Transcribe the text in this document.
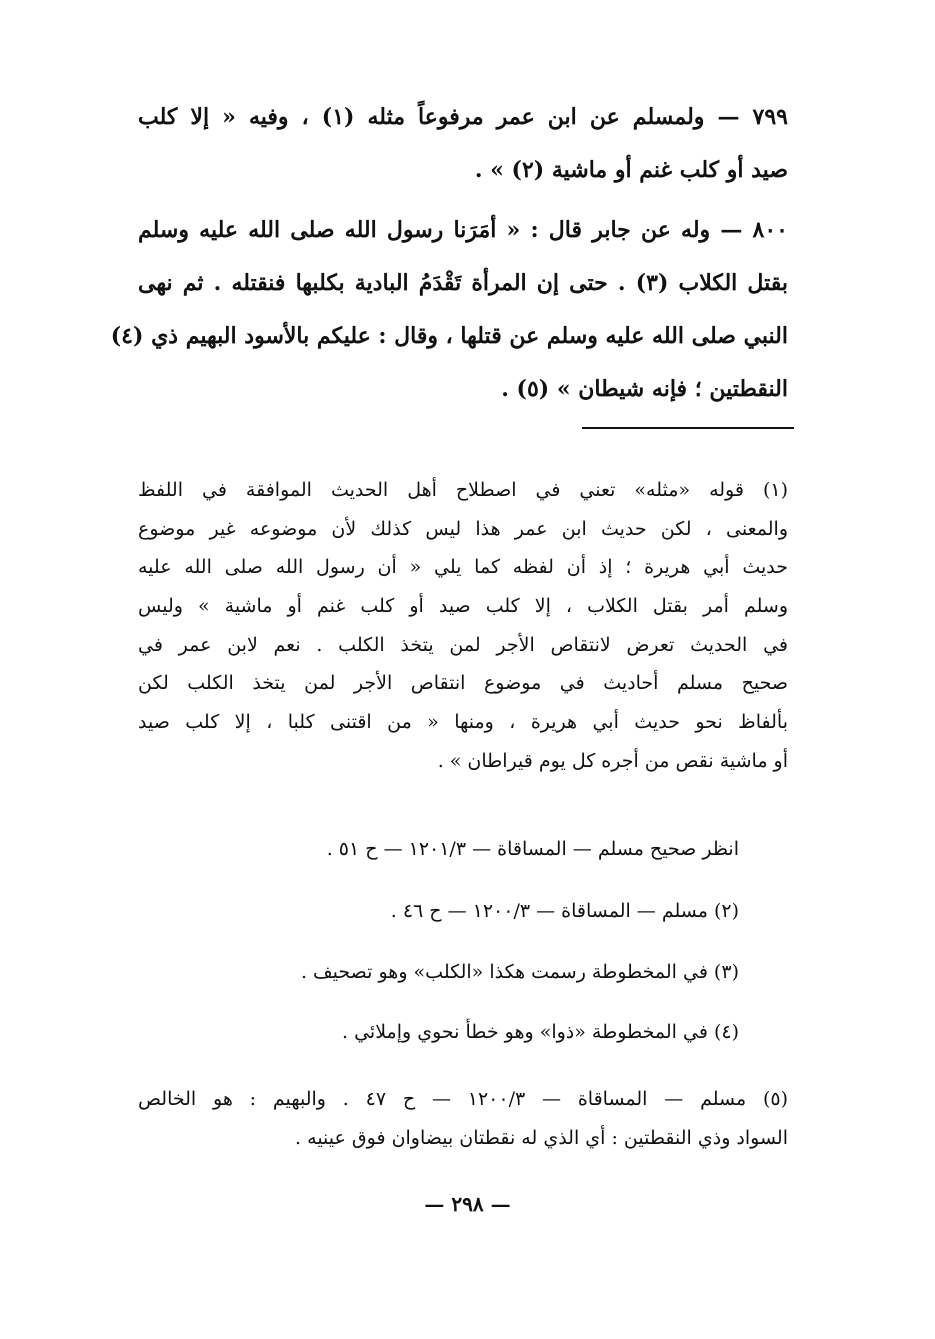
٧٩٩ — ولمسلم عن ابن عمر مرفوعاً مثله (١) ، وفيه « إلا كلب
صيد أو كلب غنم أو ماشية (٢) » .
٨٠٠ — وله عن جابر قال : « أمَرَنا رسول الله صلى الله عليه وسلم
بقتل الكلاب (٣) . حتى إن المرأة تَقْدَمُ البادية بكلبها فنقتله . ثم نهى
النبي صلى الله عليه وسلم عن قتلها ، وقال : عليكم بالأسود البهيم ذي (٤)
النقطتين ؛ فإنه شيطان » (٥) .
(١) قوله «مثله» تعني في اصطلاح أهل الحديث الموافقة في اللفظ
والمعنى ، لكن حديث ابن عمر هذا ليس كذلك لأن موضوعه غير موضوع
حديث أبي هريرة ؛ إذ أن لفظه كما يلي « أن رسول الله صلى الله عليه
وسلم أمر بقتل الكلاب ، إلا كلب صيد أو كلب غنم أو ماشية » وليس
في الحديث تعرض لانتقاص الأجر لمن يتخذ الكلب . نعم لابن عمر في
صحيح مسلم أحاديث في موضوع انتقاص الأجر لمن يتخذ الكلب لكن
بألفاظ نحو حديث أبي هريرة ، ومنها « من اقتنى كلبا ، إلا كلب صيد
أو ماشية نقص من أجره كل يوم قيراطان » .
انظر صحيح مسلم — المساقاة — ١٢٠١/٣ — ح ٥١ .
(٢) مسلم — المساقاة — ١٢٠٠/٣ — ح ٤٦ .
(٣) في المخطوطة رسمت هكذا «الكلب» وهو تصحيف .
(٤) في المخطوطة «ذوا» وهو خطأ نحوي وإملائي .
(٥) مسلم — المساقاة — ١٢٠٠/٣ — ح ٤٧ . والبهيم : هو الخالص
السواد وذي النقطتين : أي الذي له نقطتان بيضاوان فوق عينيه .
— ٢٩٨ —
